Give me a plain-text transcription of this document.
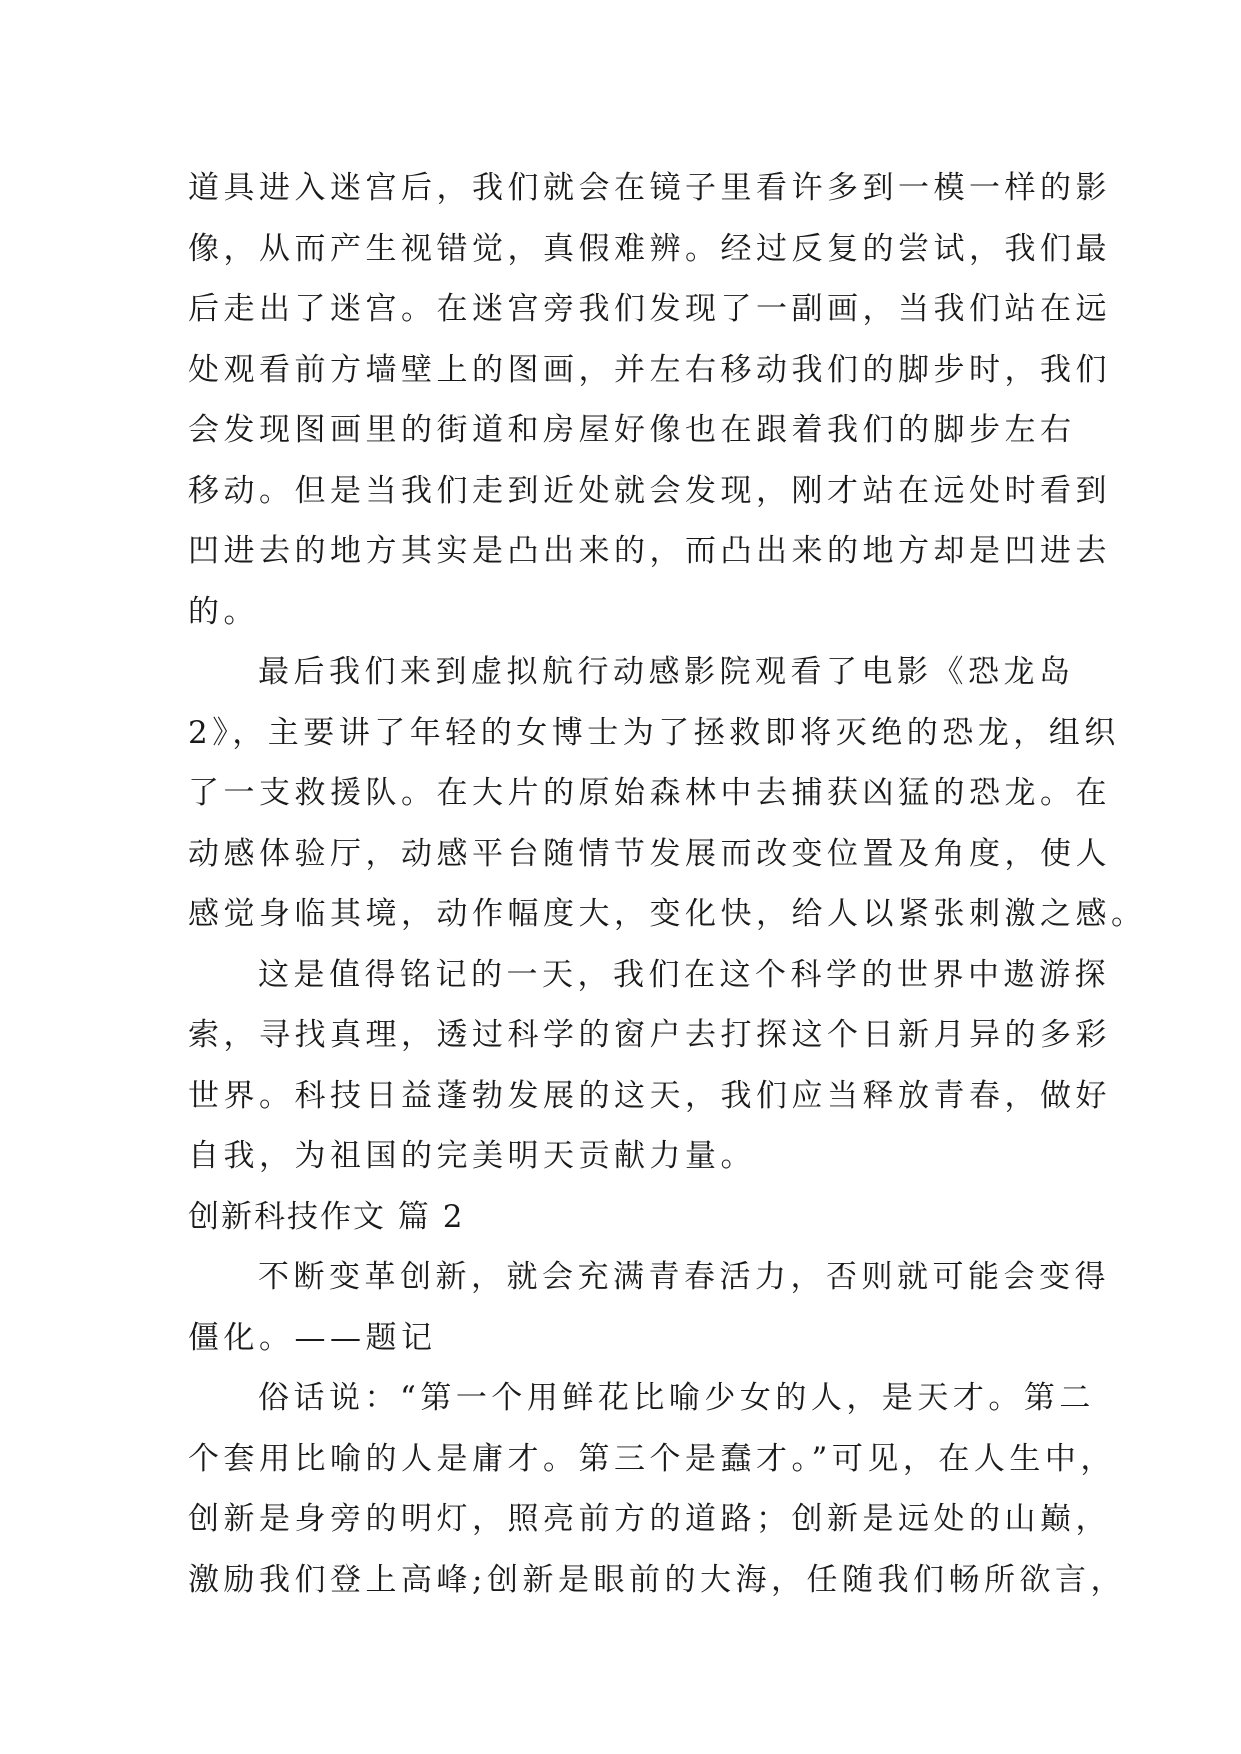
道具进入迷宫后，我们就会在镜子里看许多到一模一样的影
像，从而产生视错觉，真假难辨。经过反复的尝试，我们最
后走出了迷宫。在迷宫旁我们发现了一副画，当我们站在远
处观看前方墙壁上的图画，并左右移动我们的脚步时，我们
会发现图画里的街道和房屋好像也在跟着我们的脚步左右
移动。但是当我们走到近处就会发现，刚才站在远处时看到
凹进去的地方其实是凸出来的，而凸出来的地方却是凹进去
的。
最后我们来到虚拟航行动感影院观看了电影《恐龙岛
2》，主要讲了年轻的女博士为了拯救即将灭绝的恐龙，组织
了一支救援队。在大片的原始森林中去捕获凶猛的恐龙。在
动感体验厅，动感平台随情节发展而改变位置及角度，使人
感觉身临其境，动作幅度大，变化快，给人以紧张刺激之感。
这是值得铭记的一天，我们在这个科学的世界中遨游探
索，寻找真理，透过科学的窗户去打探这个日新月异的多彩
世界。科技日益蓬勃发展的这天，我们应当释放青春，做好
自我，为祖国的完美明天贡献力量。
创新科技作文 篇 2
不断变革创新，就会充满青春活力，否则就可能会变得
僵化。——题记
俗话说：“第一个用鲜花比喻少女的人，是天才。第二
个套用比喻的人是庸才。第三个是蠢才。”可见，在人生中，
创新是身旁的明灯，照亮前方的道路；创新是远处的山巅，
激励我们登上高峰;创新是眼前的大海，任随我们畅所欲言，
